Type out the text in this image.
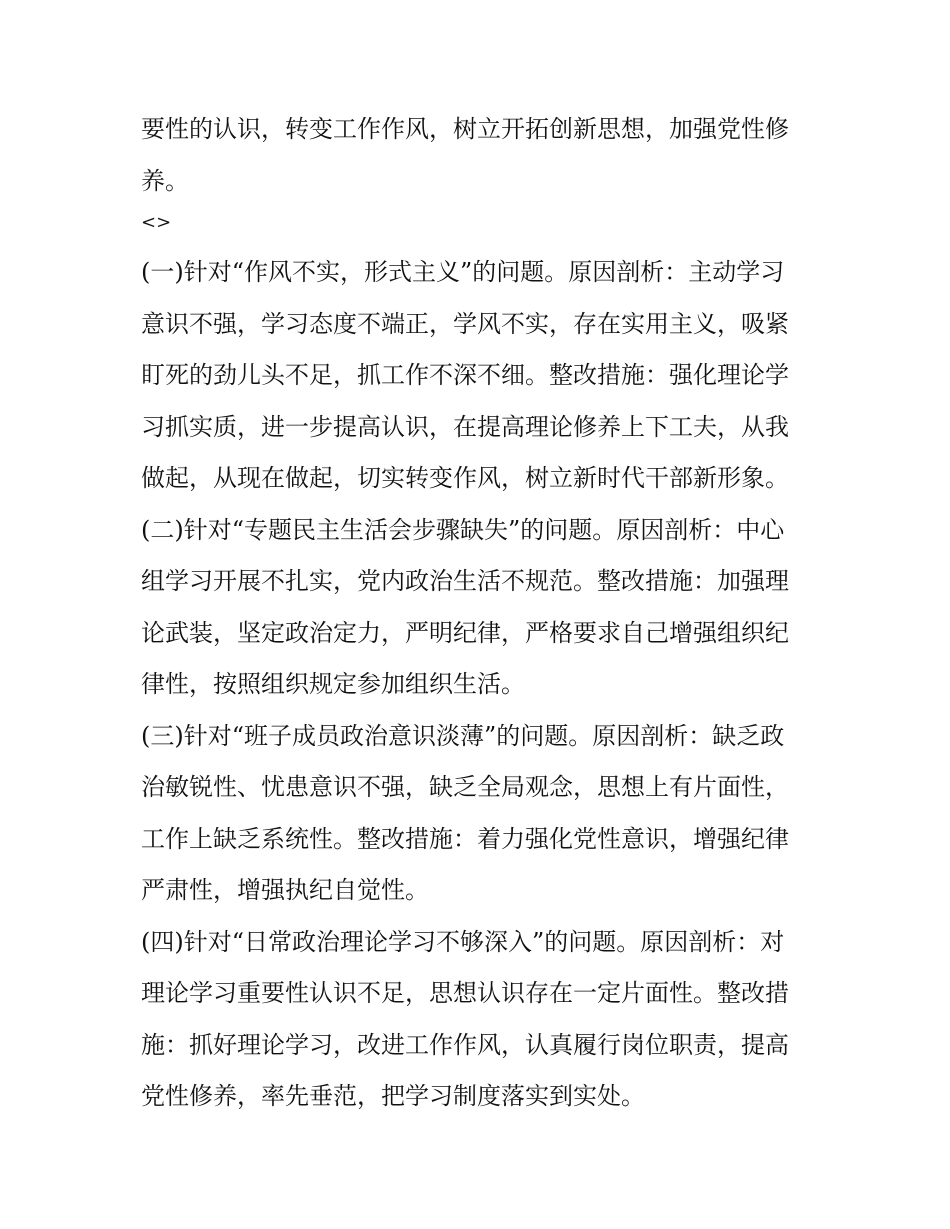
要性的认识，转变工作作风，树立开拓创新思想，加强党性修
养。
<>
(一)针对“作风不实，形式主义”的问题。原因剖析：主动学习
意识不强，学习态度不端正，学风不实，存在实用主义，吸紧
盯死的劲儿头不足，抓工作不深不细。整改措施：强化理论学
习抓实质，进一步提高认识，在提高理论修养上下工夫，从我
做起，从现在做起，切实转变作风，树立新时代干部新形象。
(二)针对“专题民主生活会步骤缺失”的问题。原因剖析：中心
组学习开展不扎实，党内政治生活不规范。整改措施：加强理
论武装，坚定政治定力，严明纪律，严格要求自己增强组织纪
律性，按照组织规定参加组织生活。
(三)针对“班子成员政治意识淡薄”的问题。原因剖析：缺乏政
治敏锐性、忧患意识不强，缺乏全局观念，思想上有片面性，
工作上缺乏系统性。整改措施：着力强化党性意识，增强纪律
严肃性，增强执纪自觉性。
(四)针对“日常政治理论学习不够深入”的问题。原因剖析：对
理论学习重要性认识不足，思想认识存在一定片面性。整改措
施：抓好理论学习，改进工作作风，认真履行岗位职责，提高
党性修养，率先垂范，把学习制度落实到实处。
